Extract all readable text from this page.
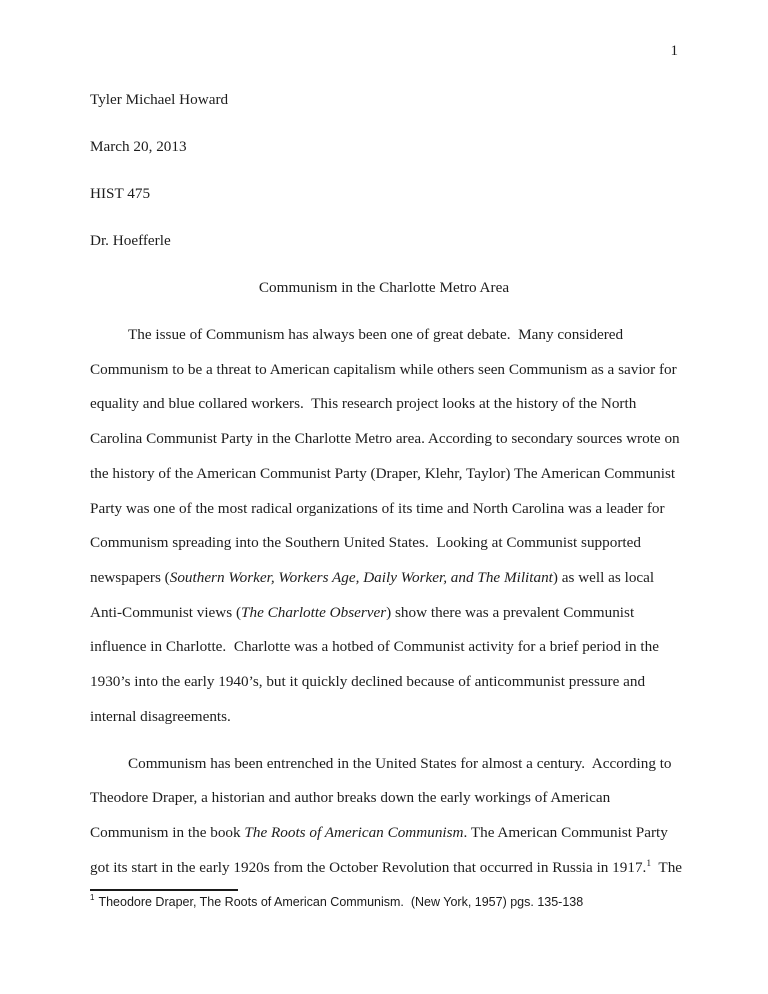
1
Tyler Michael Howard
March 20, 2013
HIST 475
Dr. Hoefferle
Communism in the Charlotte Metro Area
The issue of Communism has always been one of great debate.  Many considered
Communism to be a threat to American capitalism while others seen Communism as a savior for
equality and blue collared workers.  This research project looks at the history of the North
Carolina Communist Party in the Charlotte Metro area. According to secondary sources wrote on
the history of the American Communist Party (Draper, Klehr, Taylor) The American Communist
Party was one of the most radical organizations of its time and North Carolina was a leader for
Communism spreading into the Southern United States.  Looking at Communist supported
newspapers (Southern Worker, Workers Age, Daily Worker, and The Militant) as well as local
Anti-Communist views (The Charlotte Observer) show there was a prevalent Communist
influence in Charlotte.  Charlotte was a hotbed of Communist activity for a brief period in the
1930’s into the early 1940’s, but it quickly declined because of anticommunist pressure and
internal disagreements.
Communism has been entrenched in the United States for almost a century.  According to
Theodore Draper, a historian and author breaks down the early workings of American
Communism in the book The Roots of American Communism. The American Communist Party
got its start in the early 1920s from the October Revolution that occurred in Russia in 1917.$^1$  The
$^1$ Theodore Draper, The Roots of American Communism.  (New York, 1957) pgs. 135-138
